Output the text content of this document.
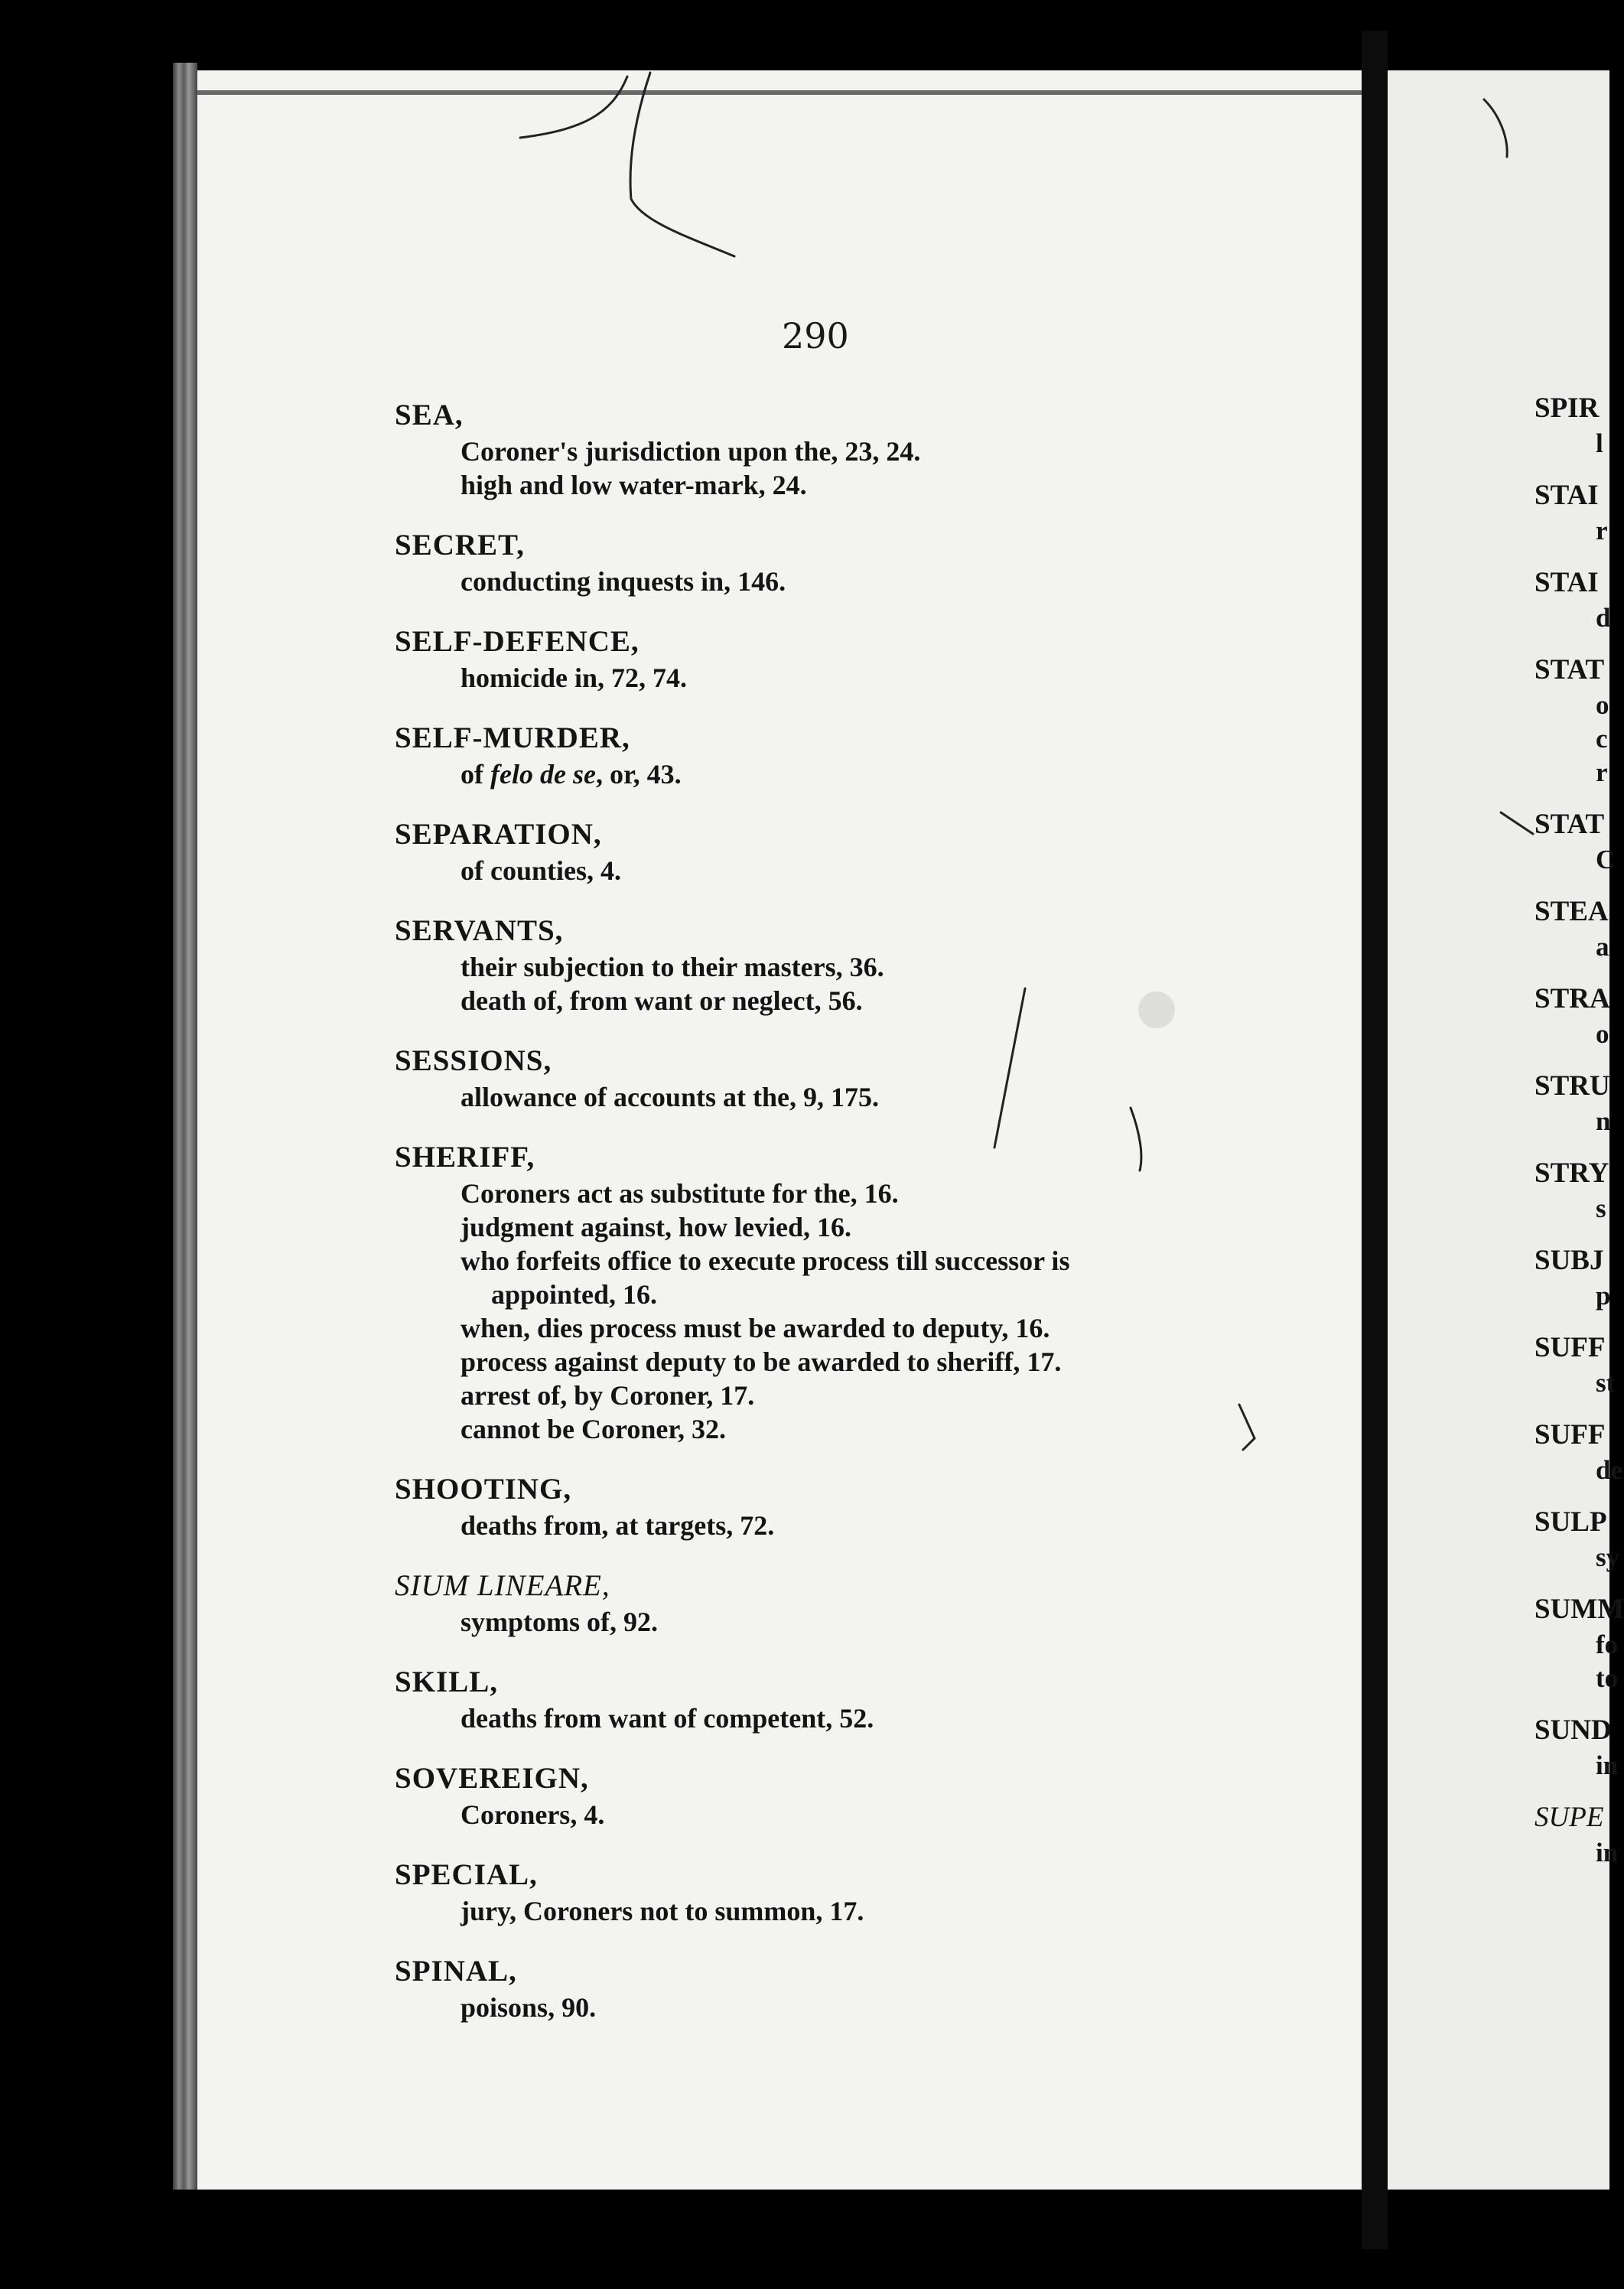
290
SEA,
Coroner's jurisdiction upon the, 23, 24.
high and low water-mark, 24.
SECRET,
conducting inquests in, 146.
SELF-DEFENCE,
homicide in, 72, 74.
SELF-MURDER,
of felo de se, or, 43.
SEPARATION,
of counties, 4.
SERVANTS,
their subjection to their masters, 36.
death of, from want or neglect, 56.
SESSIONS,
allowance of accounts at the, 9, 175.
SHERIFF,
Coroners act as substitute for the, 16.
judgment against, how levied, 16.
who forfeits office to execute process till successor is
appointed, 16.
when, dies process must be awarded to deputy, 16.
process against deputy to be awarded to sheriff, 17.
arrest of, by Coroner, 17.
cannot be Coroner, 32.
SHOOTING,
deaths from, at targets, 72.
SIUM LINEARE,
symptoms of, 92.
SKILL,
deaths from want of competent, 52.
SOVEREIGN,
Coroners, 4.
SPECIAL,
jury, Coroners not to summon, 17.
SPINAL,
poisons, 90.
SPIR
l
STAI
r
STAI
d
STAT
o
c
r
STAT
C
STEA
a
STRA
o
STRU
n
STRY
s
SUBJ
p
SUFF
st
SUFF
de
SULP
sy
SUMM
fo
to
SUND
in
SUPE
in
